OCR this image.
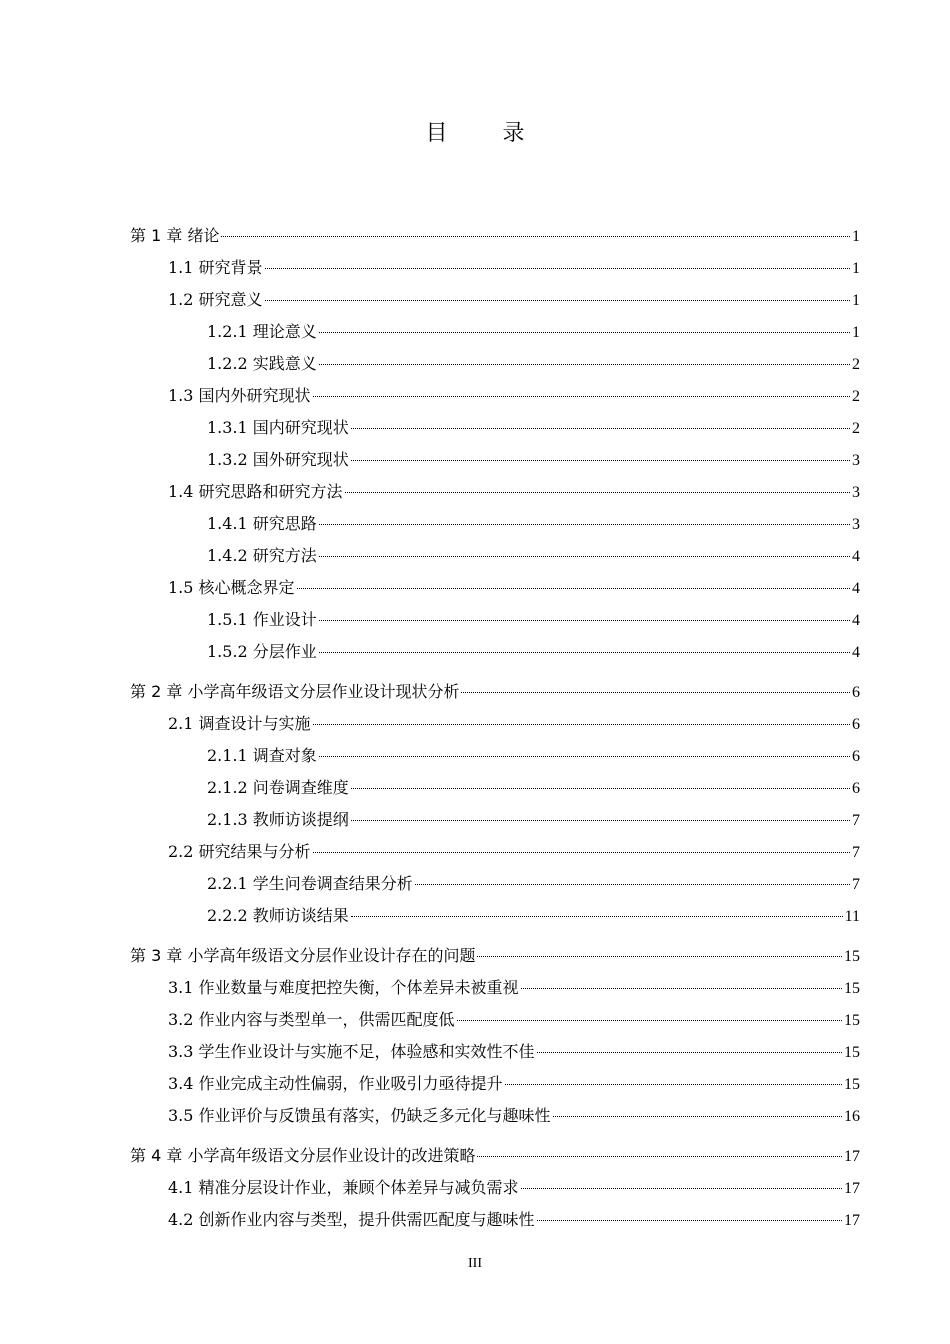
目 录
第 1 章 绪论	1
1.1 研究背景	1
1.2 研究意义	1
1.2.1 理论意义	1
1.2.2 实践意义	2
1.3 国内外研究现状	2
1.3.1 国内研究现状	2
1.3.2 国外研究现状	3
1.4 研究思路和研究方法	3
1.4.1 研究思路	3
1.4.2 研究方法	4
1.5 核心概念界定	4
1.5.1 作业设计	4
1.5.2 分层作业	4
第 2 章 小学高年级语文分层作业设计现状分析	6
2.1 调查设计与实施	6
2.1.1 调查对象	6
2.1.2 问卷调查维度	6
2.1.3 教师访谈提纲	7
2.2 研究结果与分析	7
2.2.1 学生问卷调查结果分析	7
2.2.2 教师访谈结果	11
第 3 章 小学高年级语文分层作业设计存在的问题	15
3.1 作业数量与难度把控失衡，个体差异未被重视	15
3.2 作业内容与类型单一，供需匹配度低	15
3.3 学生作业设计与实施不足，体验感和实效性不佳	15
3.4 作业完成主动性偏弱，作业吸引力亟待提升	15
3.5 作业评价与反馈虽有落实，仍缺乏多元化与趣味性	16
第 4 章 小学高年级语文分层作业设计的改进策略	17
4.1 精准分层设计作业，兼顾个体差异与减负需求	17
4.2 创新作业内容与类型，提升供需匹配度与趣味性	17
III
